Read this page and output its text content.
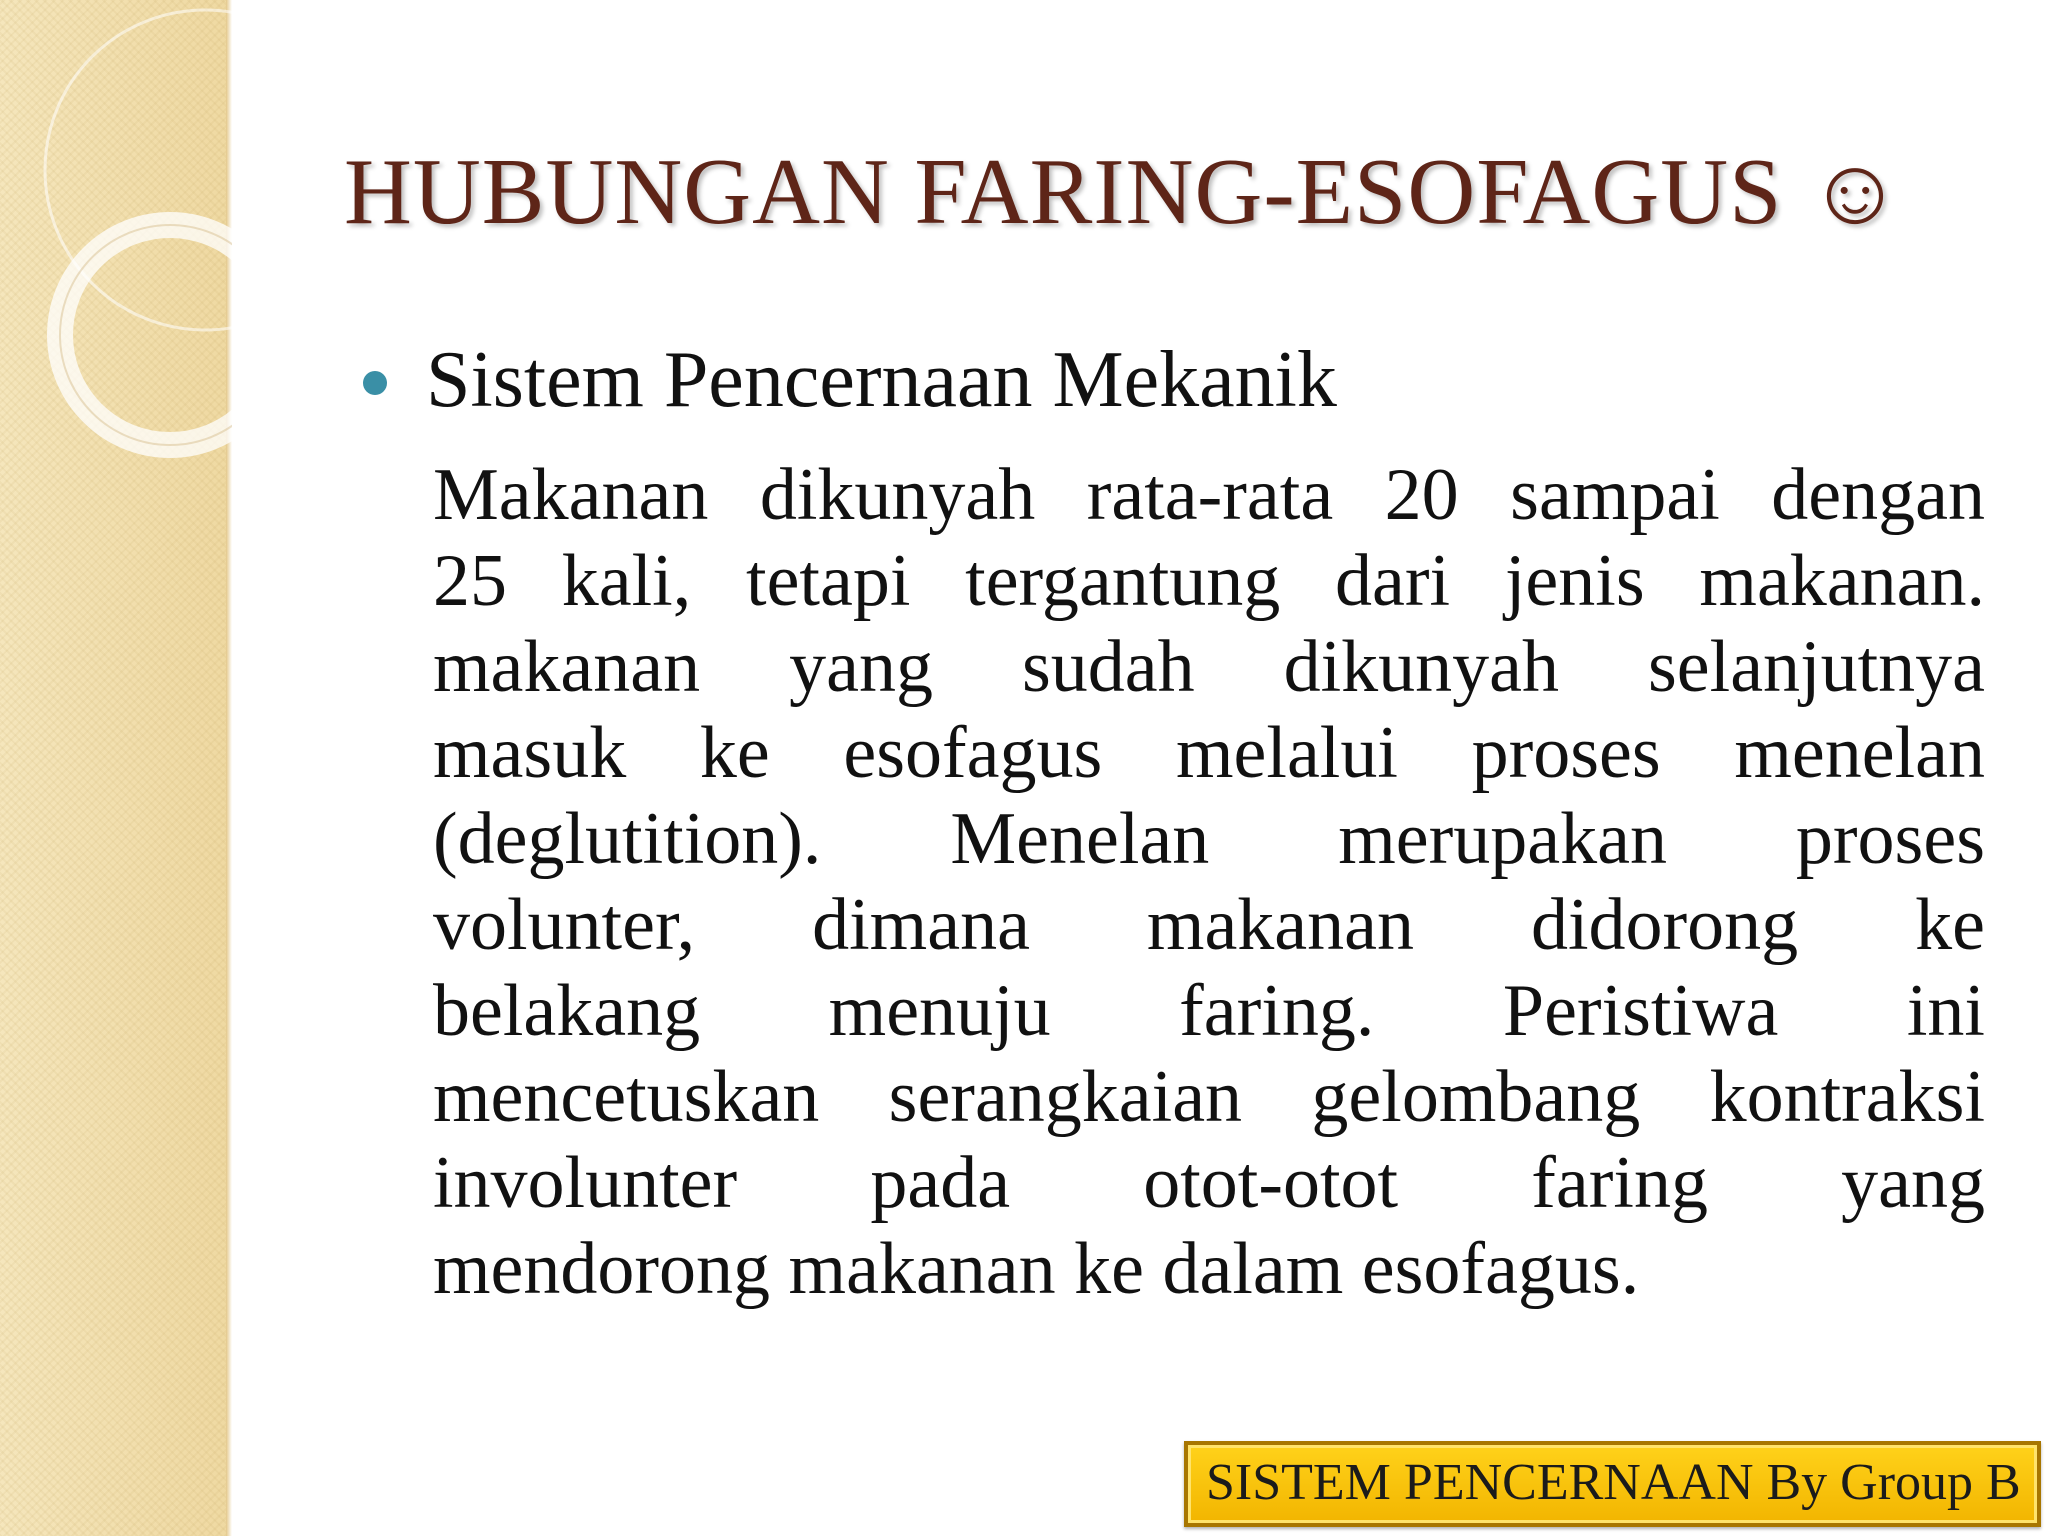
HUBUNGAN FARING-ESOFAGUS ☺
Sistem Pencernaan Mekanik
Makanan dikunyah rata-rata 20 sampai dengan
25 kali, tetapi tergantung dari jenis makanan.
makanan yang sudah dikunyah selanjutnya
masuk ke esofagus melalui proses menelan
(deglutition). Menelan merupakan proses
volunter, dimana makanan didorong ke
belakang menuju faring. Peristiwa ini
mencetuskan serangkaian gelombang kontraksi
involunter pada otot-otot faring yang
mendorong makanan ke dalam esofagus.
SISTEM PENCERNAAN By Group B
